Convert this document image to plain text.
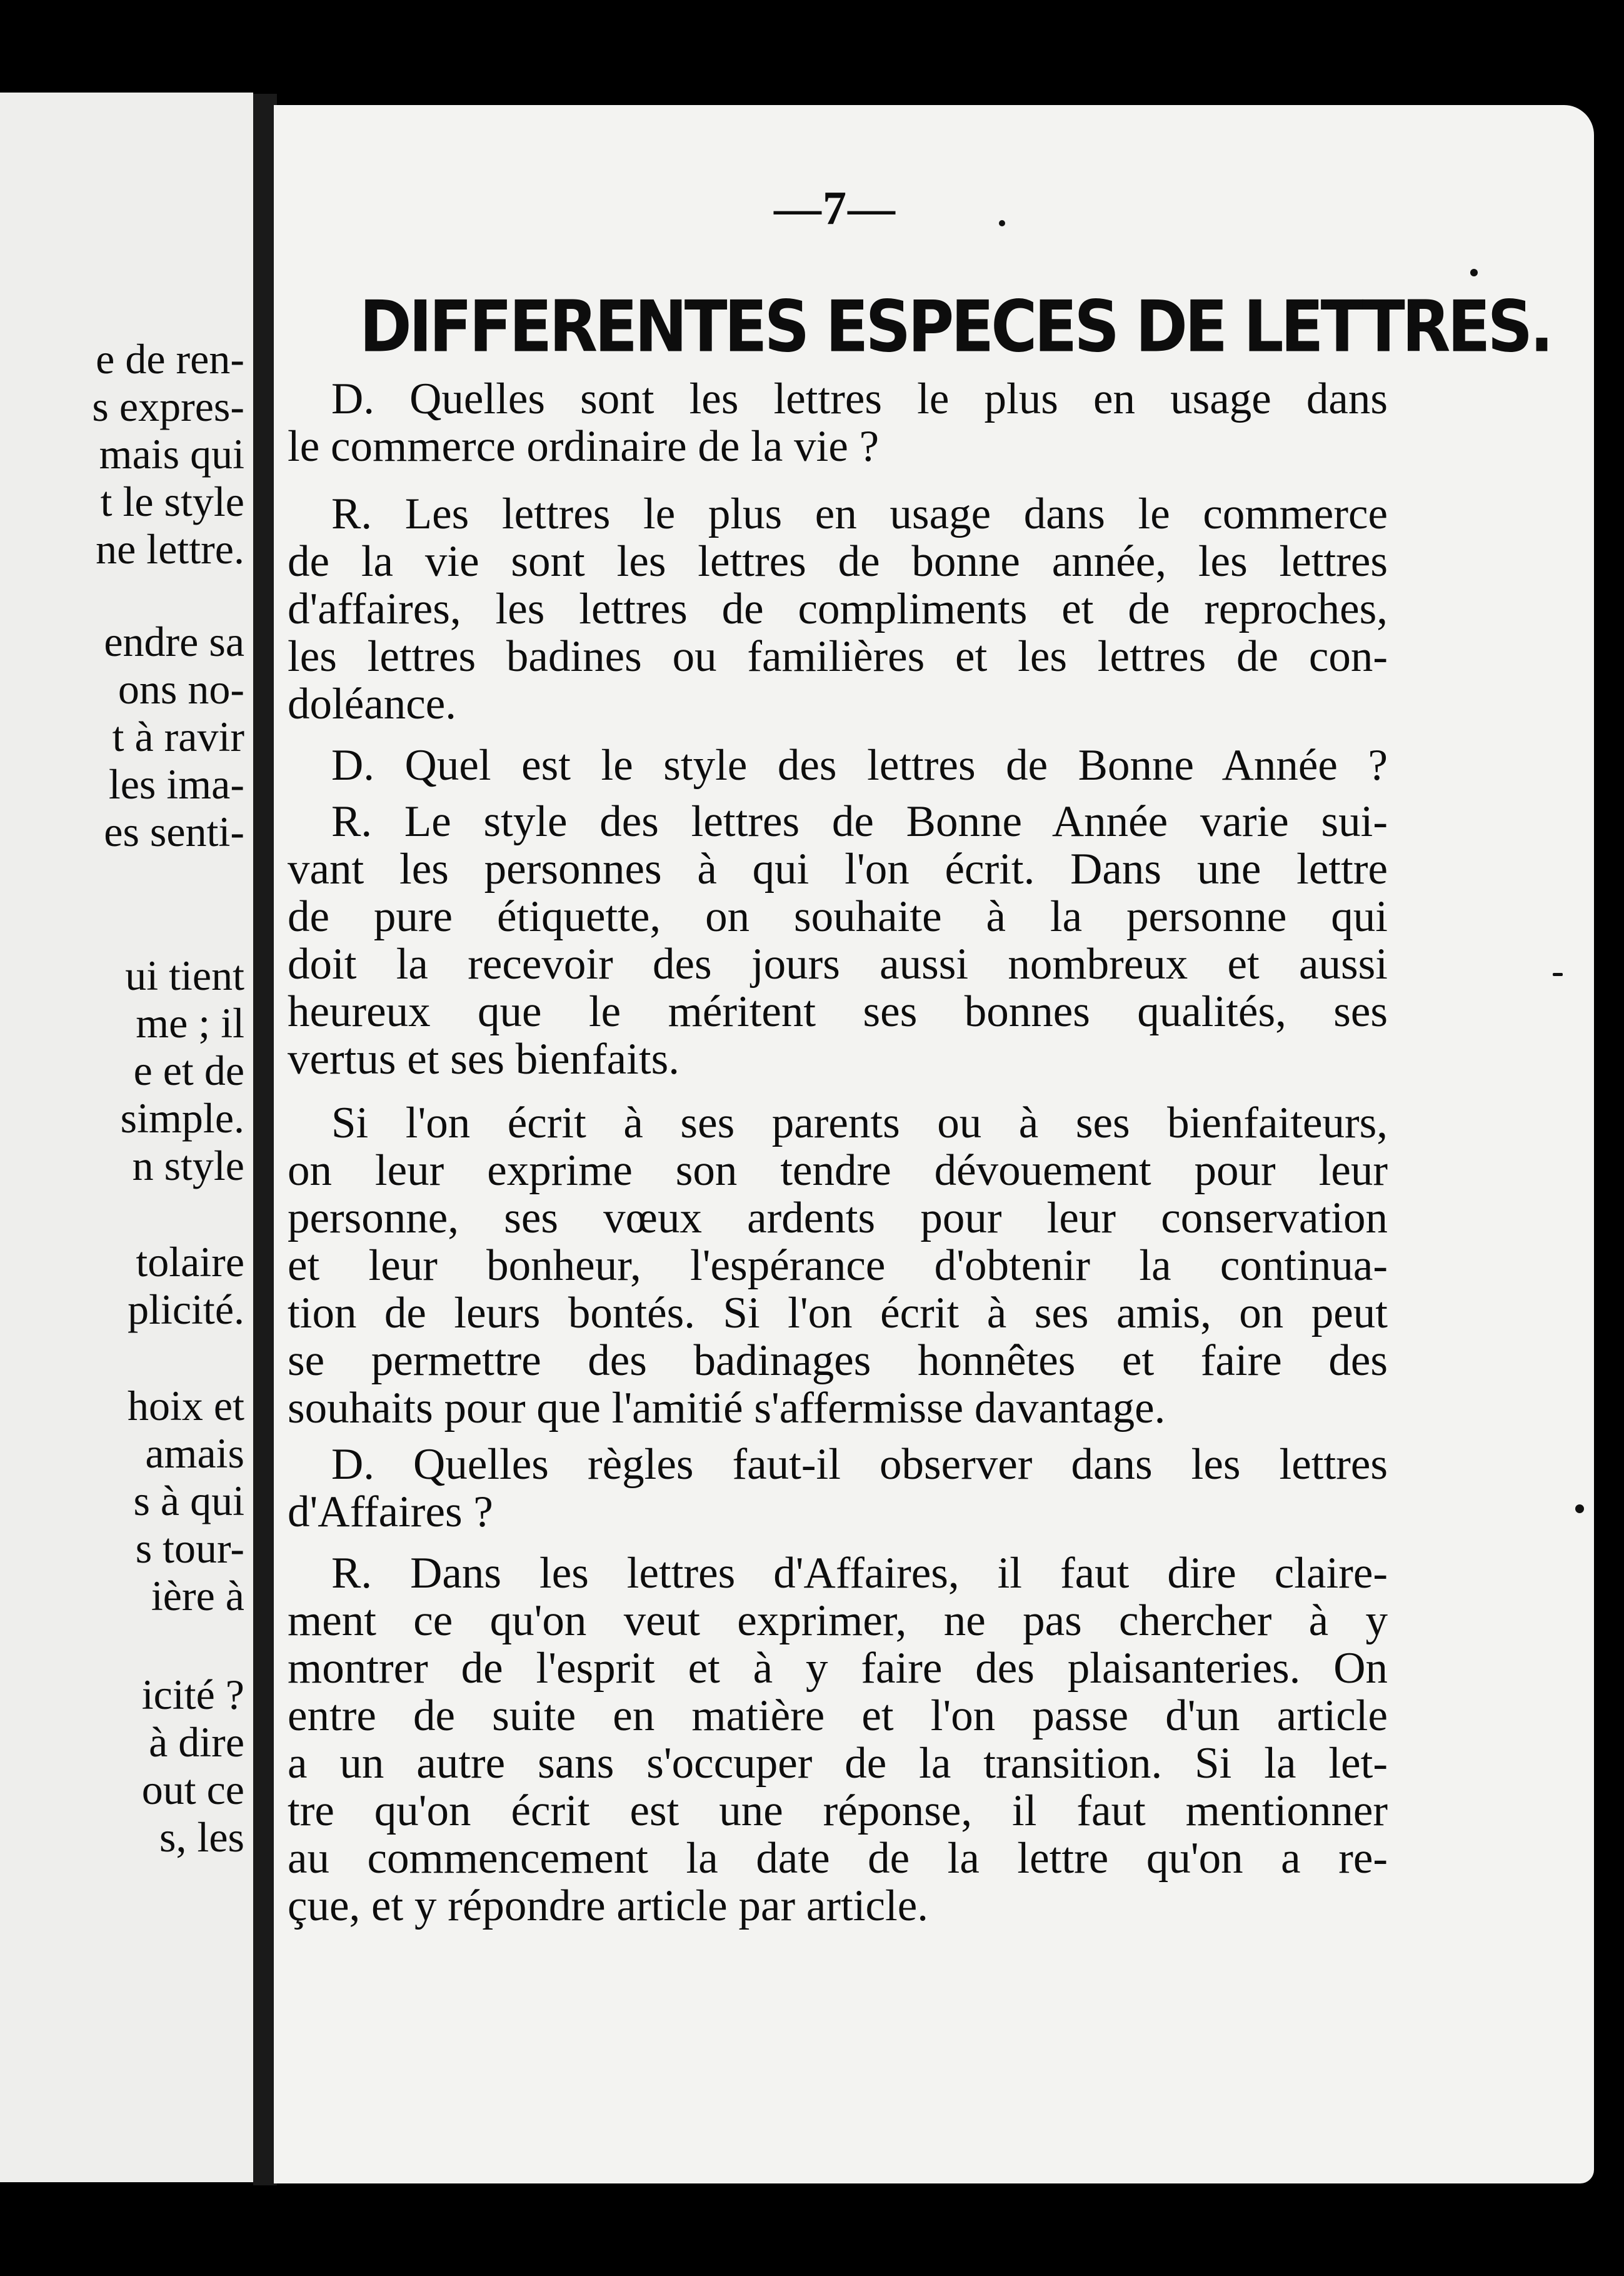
e de ren-
s expres-
mais qui
t le style
ne lettre.
endre sa
ons no-
t à ravir
les ima-
es senti-
ui tient
me ; il
e et de
simple.
n style
tolaire
plicité.
hoix et
amais
s à qui
s tour-
ière à
icité ?
à dire
out ce
s, les
—7—
DIFFERENTES ESPECES DE LETTRES.
D. Quelles sont les lettres le plus en usage dans
le commerce ordinaire de la vie ?
R. Les lettres le plus en usage dans le commerce
de la vie sont les lettres de bonne année, les lettres
d'affaires, les lettres de compliments et de reproches,
les lettres badines ou familières et les lettres de con-
doléance.
D. Quel est le style des lettres de Bonne Année ?
R. Le style des lettres de Bonne Année varie sui-
vant les personnes à qui l'on écrit. Dans une lettre
de pure étiquette, on souhaite à la personne qui
doit la recevoir des jours aussi nombreux et aussi
heureux que le méritent ses bonnes qualités, ses
vertus et ses bienfaits.
Si l'on écrit à ses parents ou à ses bienfaiteurs,
on leur exprime son tendre dévouement pour leur
personne, ses vœux ardents pour leur conservation
et leur bonheur, l'espérance d'obtenir la continua-
tion de leurs bontés. Si l'on écrit à ses amis, on peut
se permettre des badinages honnêtes et faire des
souhaits pour que l'amitié s'affermisse davantage.
D. Quelles règles faut-il observer dans les lettres
d'Affaires ?
R. Dans les lettres d'Affaires, il faut dire claire-
ment ce qu'on veut exprimer, ne pas chercher à y
montrer de l'esprit et à y faire des plaisanteries. On
entre de suite en matière et l'on passe d'un article
a un autre sans s'occuper de la transition. Si la let-
tre qu'on écrit est une réponse, il faut mentionner
au commencement la date de la lettre qu'on a re-
çue, et y répondre article par article.
